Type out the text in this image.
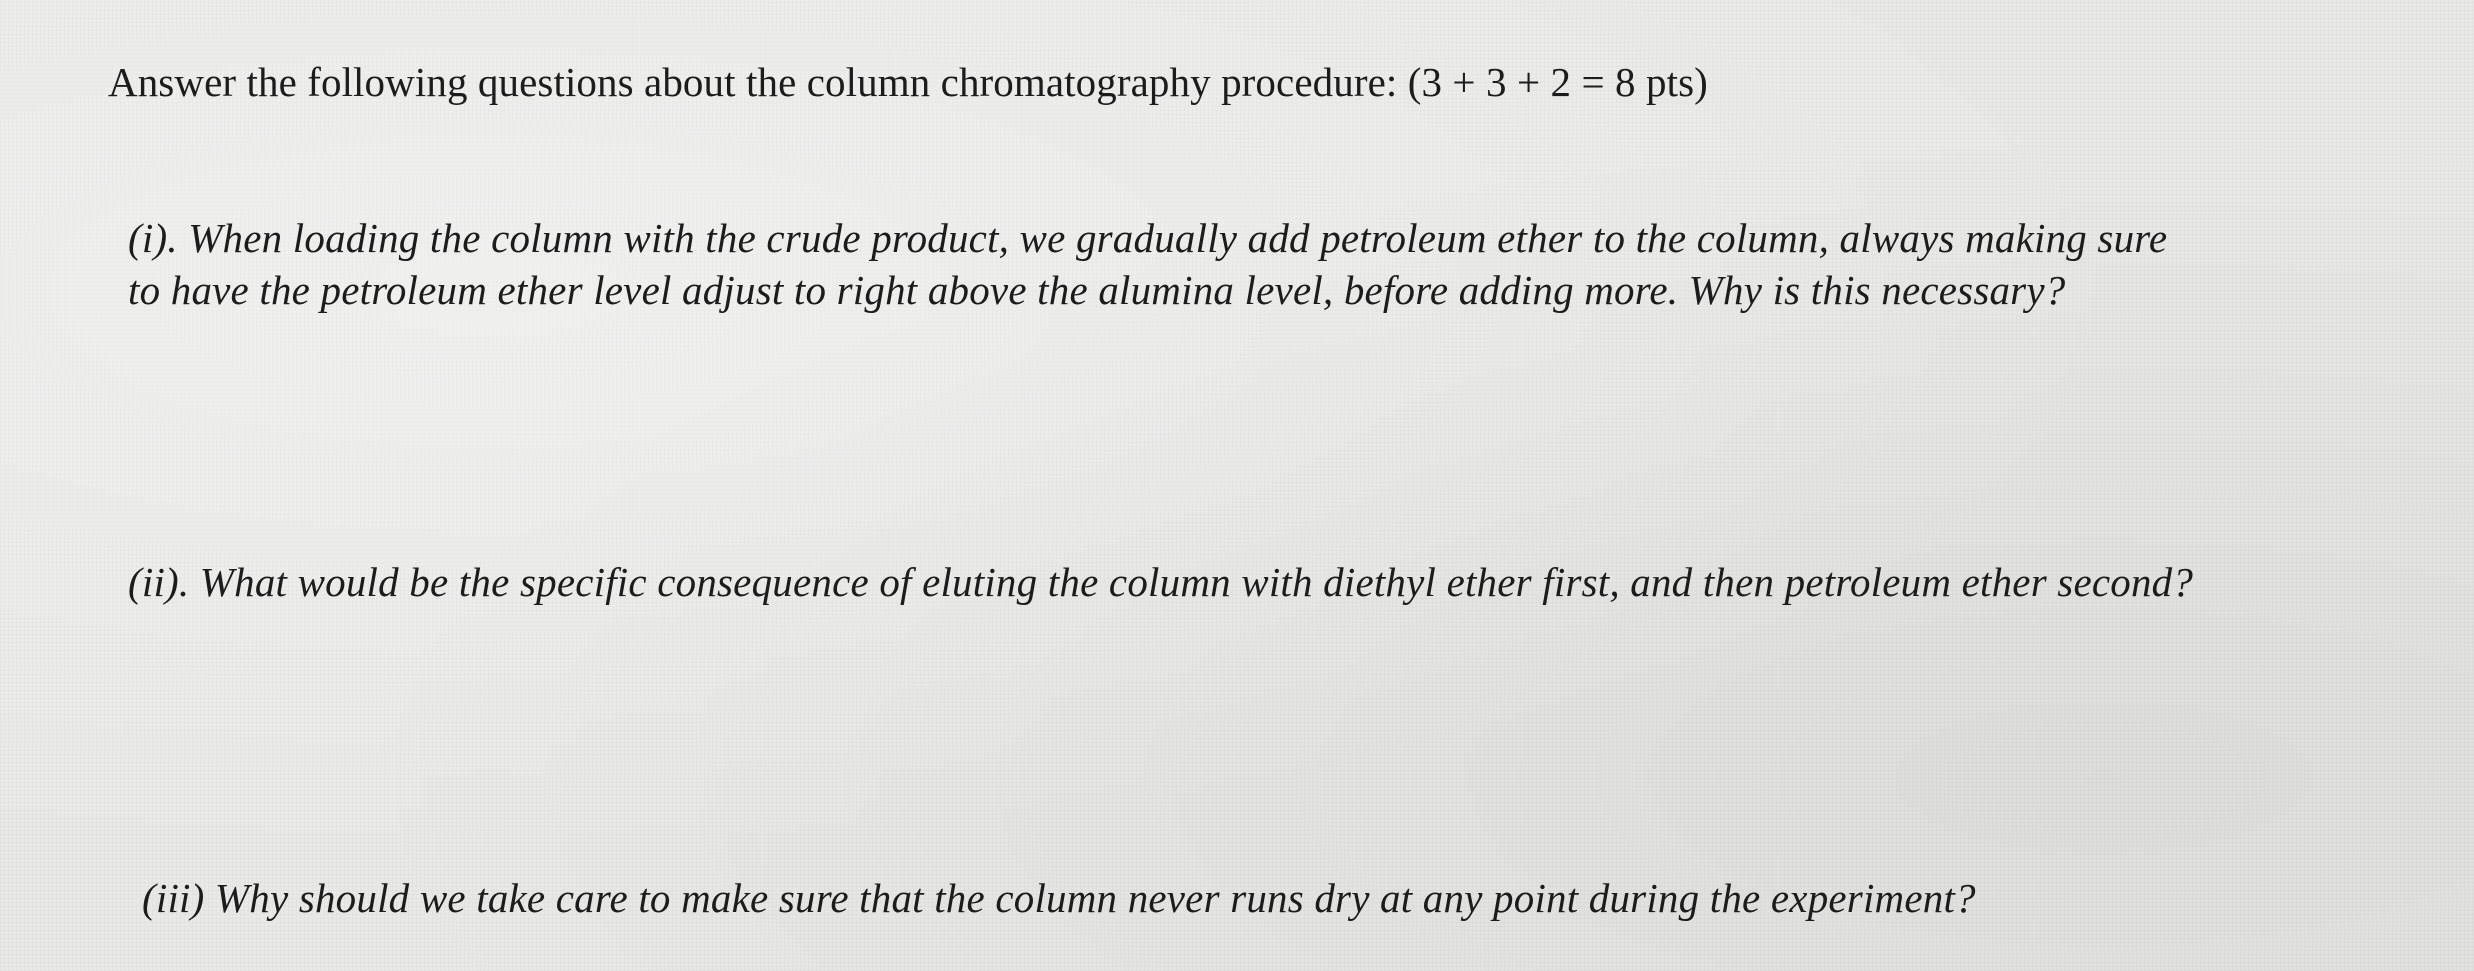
Answer the following questions about the column chromatography procedure: (3 + 3 + 2 = 8 pts)
(i). When loading the column with the crude product, we gradually add petroleum ether to the column, always making sure
to have the petroleum ether level adjust to right above the alumina level, before adding more. Why is this necessary?
(ii). What would be the specific consequence of eluting the column with diethyl ether first, and then petroleum ether second?
(iii) Why should we take care to make sure that the column never runs dry at any point during the experiment?
